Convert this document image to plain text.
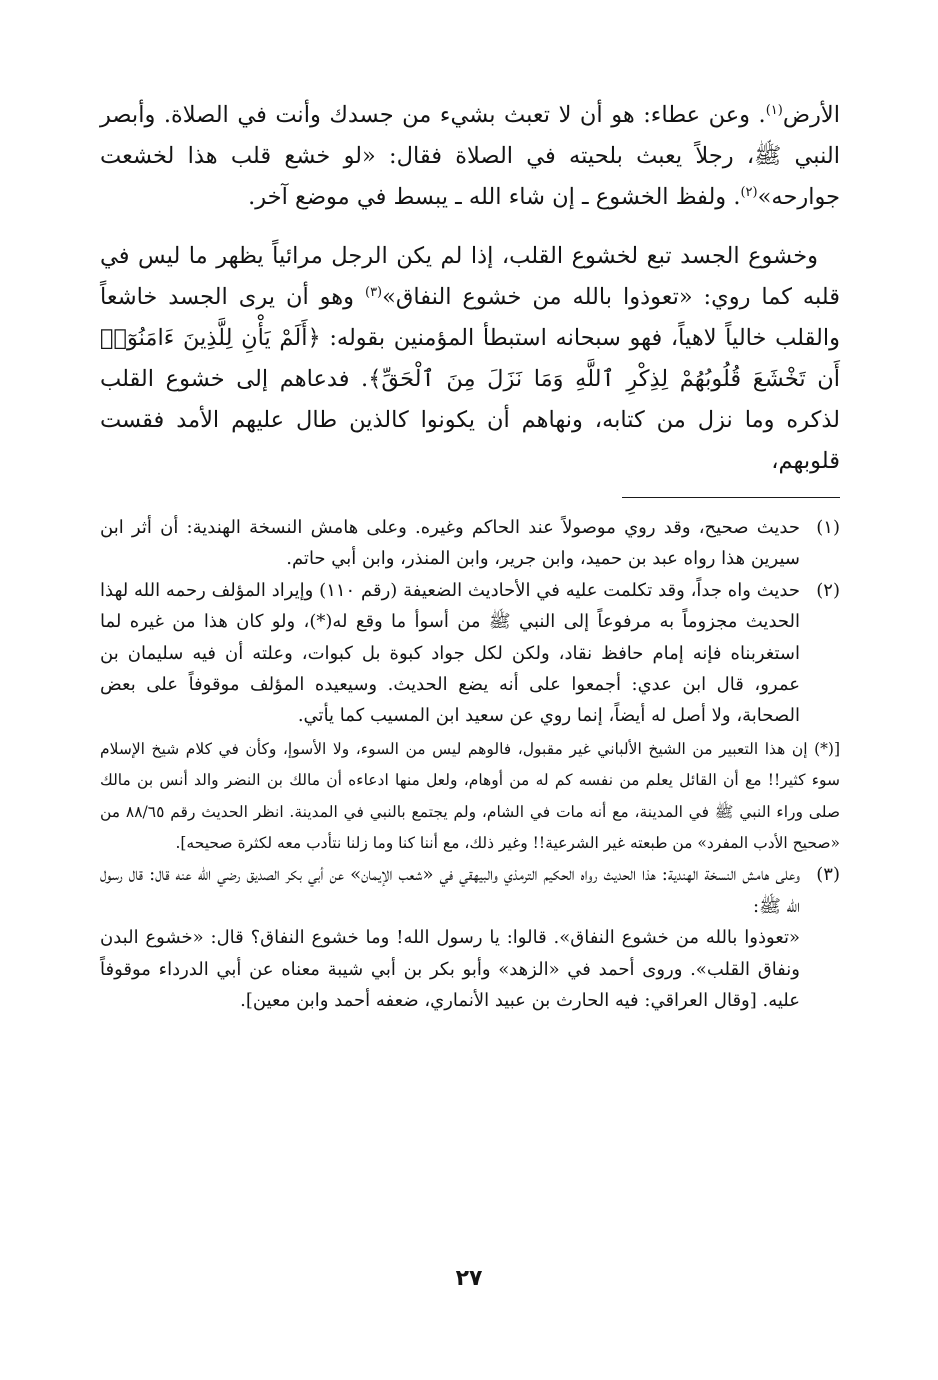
الأرض$^{(١)}$. وعن عطاء: هو أن لا تعبث بشيء من جسدك وأنت في الصلاة. وأبصر النبي ﷺ، رجلاً يعبث بلحيته في الصلاة فقال: «لو خشع قلب هذا لخشعت جوارحه»$^{(٢)}$. ولفظ الخشوع ـ إن شاء الله ـ يبسط في موضع آخر.

وخشوع الجسد تبع لخشوع القلب، إذا لم يكن الرجل مرائياً يظهر ما ليس في قلبه كما روي: «تعوذوا بالله من خشوع النفاق»$^{(٣)}$ وهو أن يرى الجسد خاشعاً والقلب خالياً لاهياً، فهو سبحانه استبطأ المؤمنين بقوله: ﴿أَلَمْ يَأْنِ لِلَّذِينَ ءَامَنُوٓا۟ أَن تَخْشَعَ قُلُوبُهُمْ لِذِكْرِ ٱللَّهِ وَمَا نَزَلَ مِنَ ٱلْحَقِّ﴾. فدعاهم إلى خشوع القلب لذكره وما نزل من كتابه، ونهاهم أن يكونوا كالذين طال عليهم الأمد فقست قلوبهم،

(١)

حديث صحيح، وقد روي موصولاً عند الحاكم وغيره. وعلى هامش النسخة الهندية: أن أثر ابن سيرين هذا رواه عبد بن حميد، وابن جرير، وابن المنذر، وابن أبي حاتم.

(٢)

حديث واه جداً، وقد تكلمت عليه في الأحاديث الضعيفة (رقم ١١٠) وإيراد المؤلف رحمه الله لهذا الحديث مجزوماً به مرفوعاً إلى النبي ﷺ من أسوأ ما وقع له(*)، ولو كان هذا من غيره لما استغربناه فإنه إمام حافظ نقاد، ولكن لكل جواد كبوة بل كبوات، وعلته أن فيه سليمان بن عمرو، قال ابن عدي: أجمعوا على أنه يضع الحديث. وسيعيده المؤلف موقوفاً على بعض الصحابة، ولا أصل له أيضاً، إنما روي عن سعيد ابن المسيب كما يأتي.

[(*) إن هذا التعبير من الشيخ الألباني غير مقبول، فالوهم ليس من السوء، ولا الأسوإ، وكأن في كلام شيخ الإسلام سوء كثير!! مع أن القائل يعلم من نفسه كم له من أوهام، ولعل منها ادعاءه أن مالك بن النضر والد أنس بن مالك صلى وراء النبي ﷺ في المدينة، مع أنه مات في الشام، ولم يجتمع بالنبي في المدينة. انظر الحديث رقم ٨٨/٦٥ من «صحيح الأدب المفرد» من طبعته غير الشرعية!! وغير ذلك، مع أننا كنا وما زلنا نتأدب معه لكثرة صحيحه].

(٣)

وعلى هامش النسخة الهندية: هذا الحديث رواه الحكيم الترمذي والبيهقي في «شعب الإيمان» عن أبي بكر الصديق رضي الله عنه قال: قال رسول الله ﷺ:

«تعوذوا بالله من خشوع النفاق». قالوا: يا رسول الله! وما خشوع النفاق؟ قال: «خشوع البدن ونفاق القلب». وروى أحمد في «الزهد» وأبو بكر بن أبي شيبة معناه عن أبي الدرداء موقوفاً عليه. [وقال العراقي: فيه الحارث بن عبيد الأنماري، ضعفه أحمد وابن معين].

٢٧
